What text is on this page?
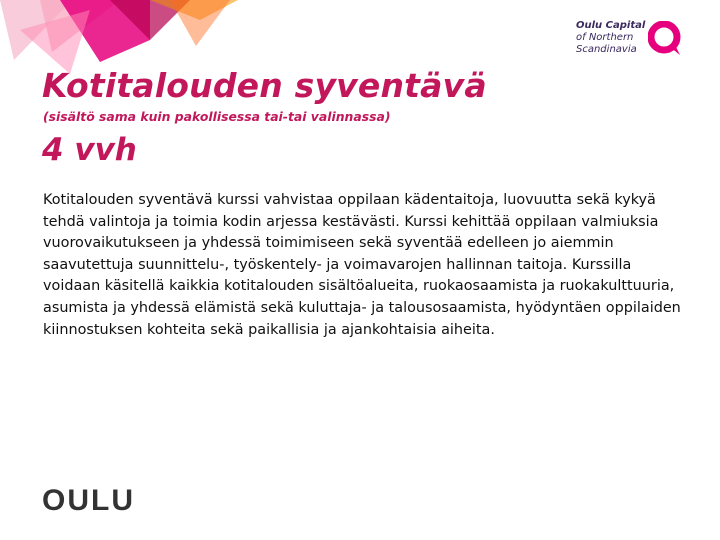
Oulu Capital
of Northern
Scandinavia
Kotitalouden syventävä

(sisältö sama kuin pakollisessa tai-tai valinnassa)

4 vvh

Kotitalouden syventävä kurssi vahvistaa oppilaan kädentaitoja, luovuutta sekä kykyä tehdä valintoja ja toimia kodin arjessa kestävästi. Kurssi kehittää oppilaan valmiuksia vuorovaikutukseen ja yhdessä toimimiseen sekä syventää edelleen jo aiemmin saavutettuja suunnittelu-, työskentely- ja voimavarojen hallinnan taitoja. Kurssilla voidaan käsitellä kaikkia kotitalouden sisältöalueita, ruokaosaamista ja ruokakulttuuria, asumista ja yhdessä elämistä sekä kuluttaja- ja talousosaamista, hyödyntäen oppilaiden kiinnostuksen kohteita sekä paikallisia ja ajankohtaisia aiheita.

OULU
